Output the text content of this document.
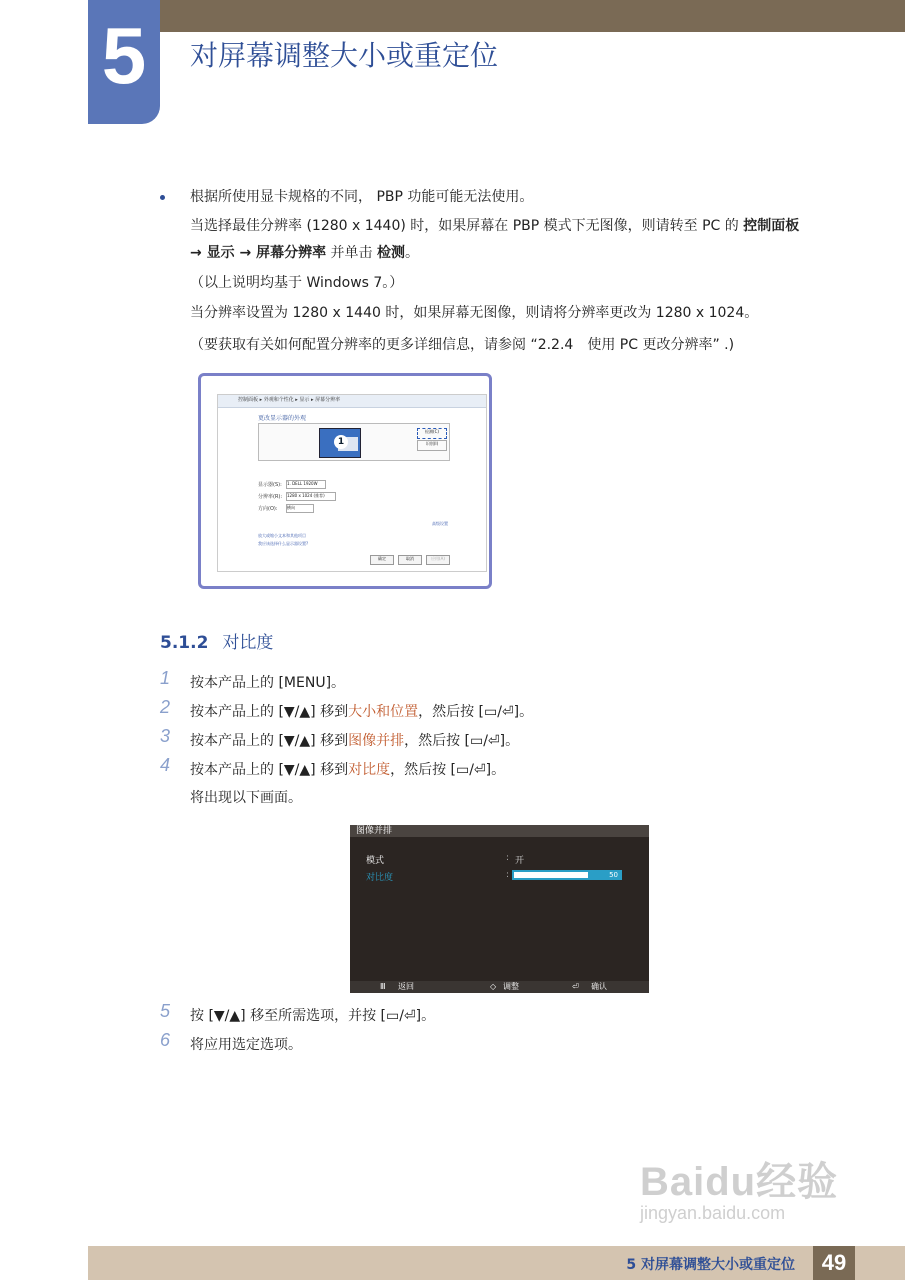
5	对屏幕调整大小或重定位
根据所使用显卡规格的不同， PBP 功能可能无法使用。
当选择最佳分辨率 (1280 x 1440) 时，如果屏幕在 PBP 模式下无图像，则请转至 PC 的 控制面板
→ 显示 → 屏幕分辨率 并单击 检测。
（以上说明均基于 Windows 7。）
当分辨率设置为 1280 x 1440 时，如果屏幕无图像，则请将分辨率更改为 1280 x 1024。
（要获取有关如何配置分辨率的更多详细信息，请参阅 “2.2.4　使用 PC 更改分辨率” .)
控制面板 ▸ 外观和个性化 ▸ 显示 ▸ 屏幕分辨率
更改显示器的外观
1
检测(C)
识别(I)
显示器(S): 1. DELL 1920W
分辨率(R): 1280 x 1024 (推荐)
方向(O): 横向
高级设置
放大或缩小文本和其他项目
我应该选择什么显示器设置?
确定	取消	应用(A)
5.1.2 对比度
1 按本产品上的 [MENU]。
2 按本产品上的 [▼/▲] 移到大小和位置，然后按 [▭/⏎]。
3 按本产品上的 [▼/▲] 移到图像并排，然后按 [▭/⏎]。
4 按本产品上的 [▼/▲] 移到对比度，然后按 [▭/⏎]。
将出现以下画面。
图像并排
模式	: 开
对比度	:	50
Ⅲ 返回	◇ 调整	⏎ 确认
5 按 [▼/▲] 移至所需选项，并按 [▭/⏎]。
6 将应用选定选项。
Baidu经验
jingyan.baidu.com
5 对屏幕调整大小或重定位	49
